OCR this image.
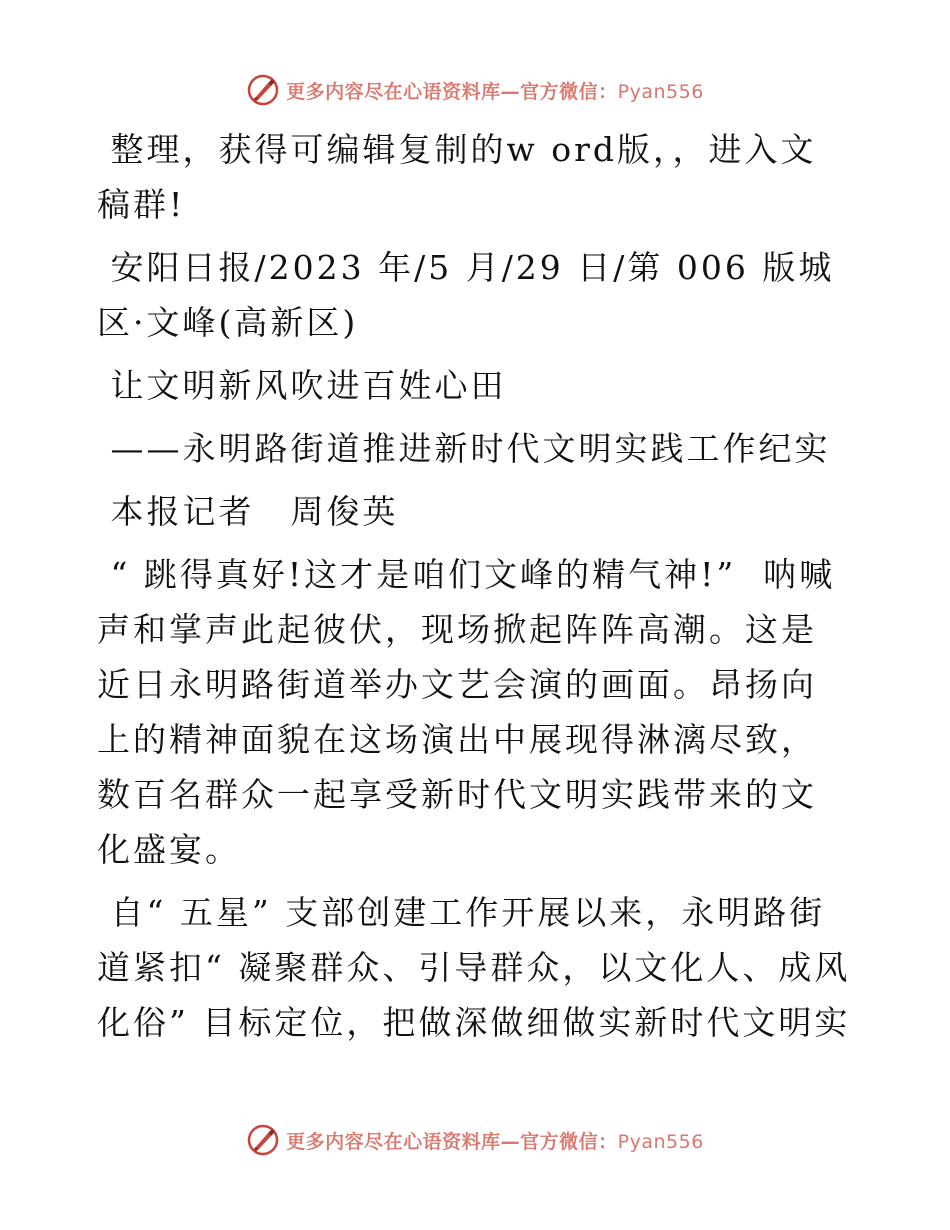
更多内容尽在心语资料库—官方微信：Pyan556

整理，获得可编辑复制的w ord版，，进入文稿群!

安阳日报/2023 年/5 月/29 日/第 006 版城区·文峰(高新区)

让文明新风吹进百姓心田

——永明路街道推进新时代文明实践工作纪实

本报记者　周俊英

“ 跳得真好!这才是咱们文峰的精气神!”  呐喊声和掌声此起彼伏，现场掀起阵阵高潮。这是近日永明路街道举办文艺会演的画面。昂扬向上的精神面貌在这场演出中展现得淋漓尽致，数百名群众一起享受新时代文明实践带来的文化盛宴。

自“ 五星” 支部创建工作开展以来，永明路街道紧扣“ 凝聚群众、引导群众，以文化人、成风化俗” 目标定位，把做深做细做实新时代文明实

更多内容尽在心语资料库—官方微信：Pyan556
